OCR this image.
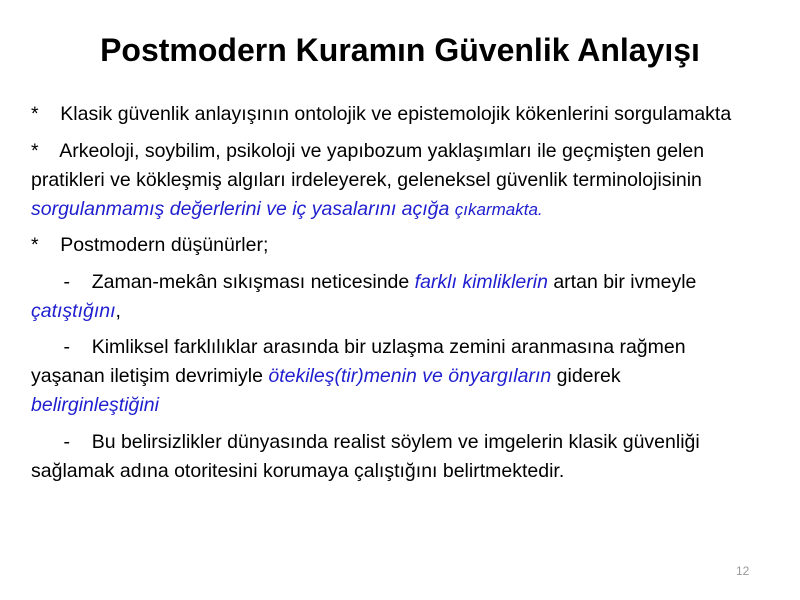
Postmodern Kuramın Güvenlik Anlayışı

* Klasik güvenlik anlayışının ontolojik ve epistemolojik kökenlerini sorgulamakta

* Arkeoloji, soybilim, psikoloji ve yapıbozum yaklaşımları ile geçmişten gelen pratikleri ve kökleşmiş algıları irdeleyerek, geleneksel güvenlik terminolojisinin sorgulanmamış değerlerini ve iç yasalarını açığa çıkarmakta.

* Postmodern düşünürler;

- Zaman-mekân sıkışması neticesinde farklı kimliklerin artan bir ivmeyle çatıştığını,

- Kimliksel farklılıklar arasında bir uzlaşma zemini aranmasına rağmen yaşanan iletişim devrimiyle ötekileş(tir)menin ve önyargıların giderek belirginleştiğini

- Bu belirsizlikler dünyasında realist söylem ve imgelerin klasik güvenliği sağlamak adına otoritesini korumaya çalıştığını belirtmektedir.

12
